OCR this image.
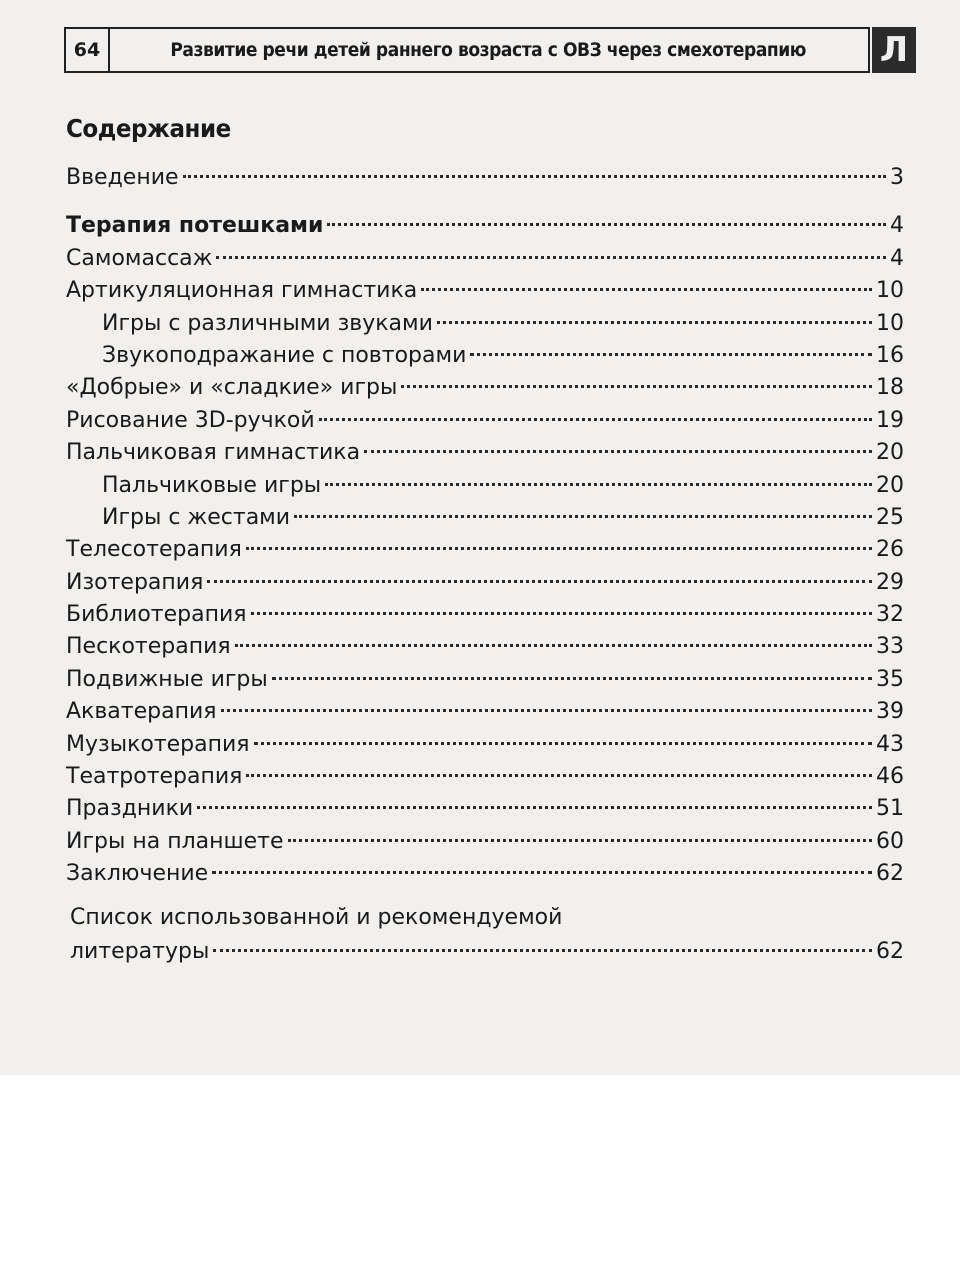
64	Развитие речи детей раннего возраста с ОВЗ через смехотерапию Л
Содержание
Введение	3
Терапия потешками	4
Самомассаж	4
Артикуляционная гимнастика	10
Игры с различными звуками	10
Звукоподражание с повторами	16
«Добрые» и «сладкие» игры	18
Рисование 3D-ручкой	19
Пальчиковая гимнастика	20
Пальчиковые игры	20
Игры с жестами	25
Телесотерапия	26
Изотерапия	29
Библиотерапия	32
Пескотерапия	33
Подвижные игры	35
Акватерапия	39
Музыкотерапия	43
Театротерапия	46
Праздники	51
Игры на планшете	60
Заключение	62
Список использованной и рекомендуемой
литературы	62
